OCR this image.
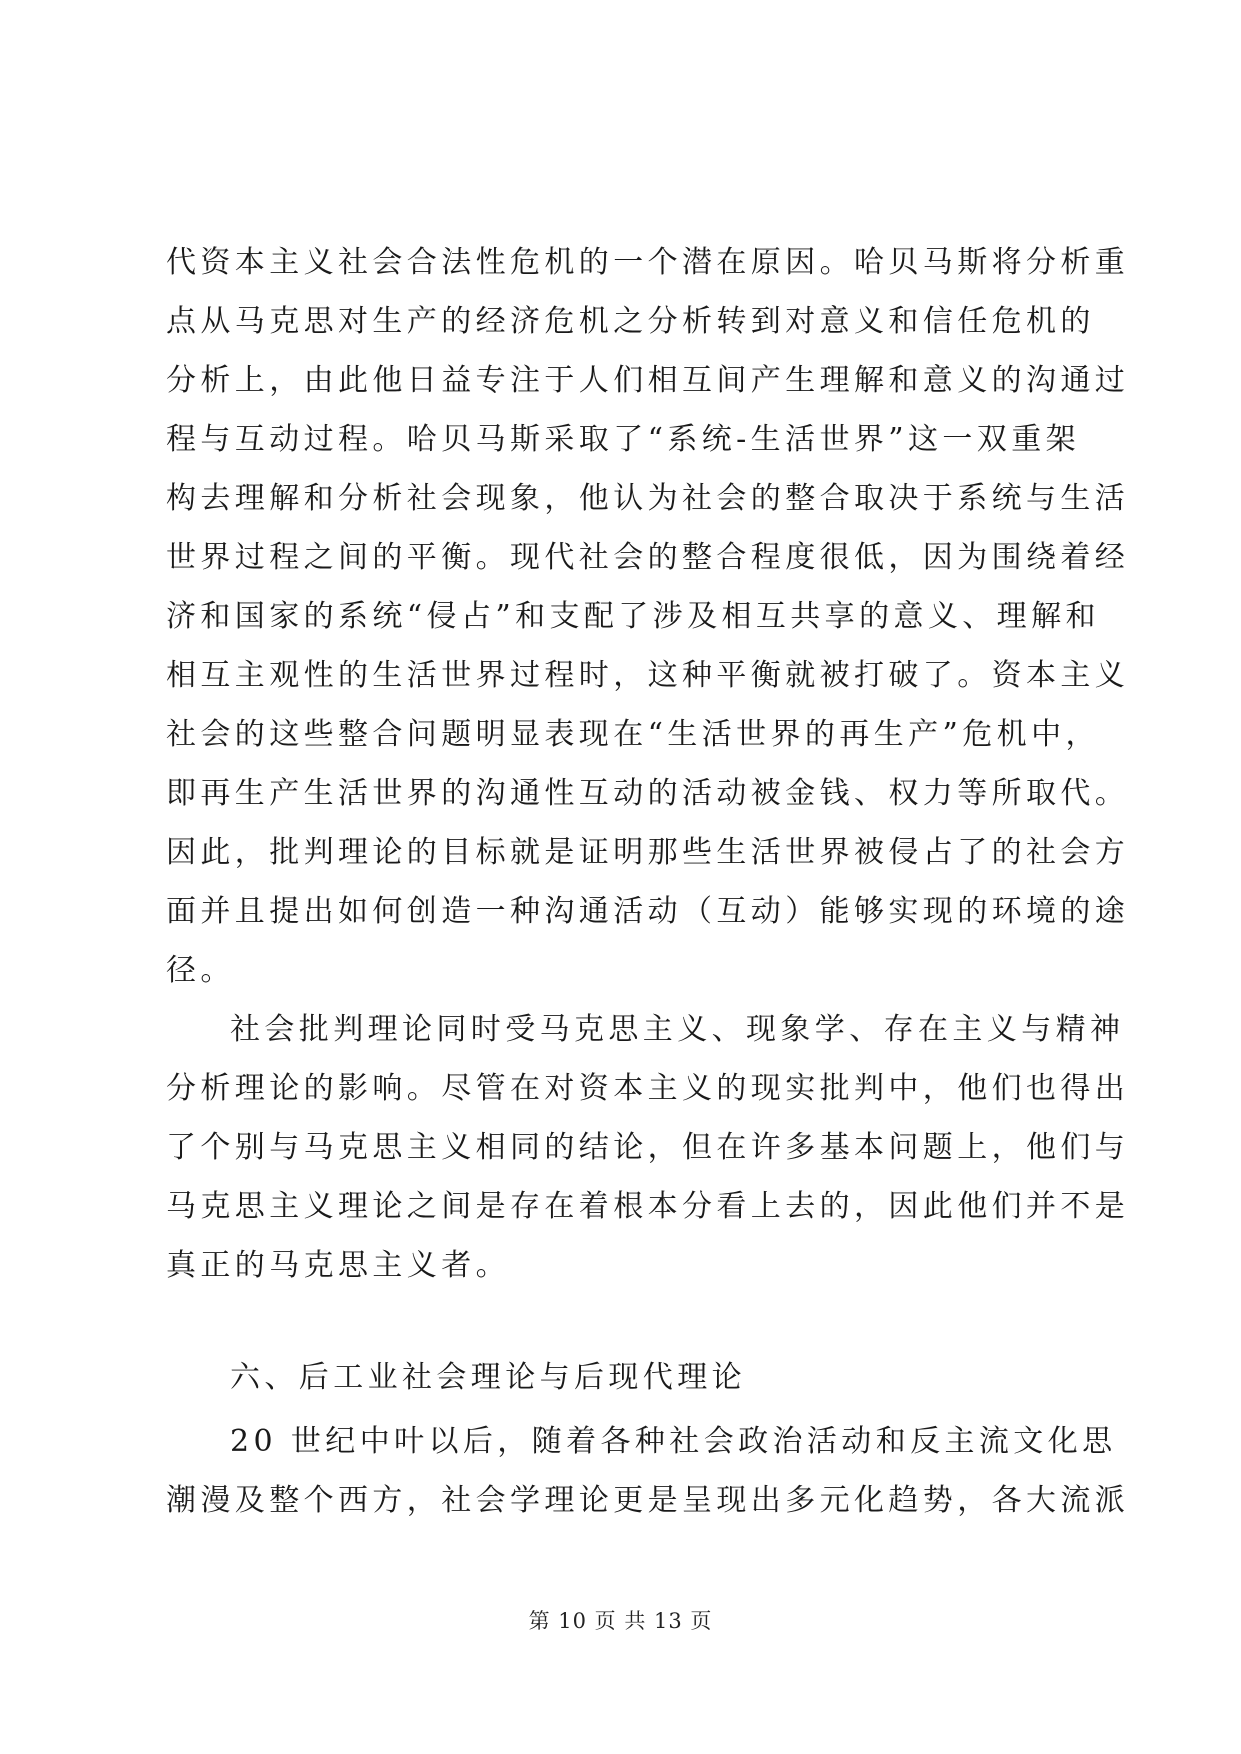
代资本主义社会合法性危机的一个潜在原因。哈贝马斯将分析重
点从马克思对生产的经济危机之分析转到对意义和信任危机的
分析上，由此他日益专注于人们相互间产生理解和意义的沟通过
程与互动过程。哈贝马斯采取了“系统-生活世界”这一双重架
构去理解和分析社会现象，他认为社会的整合取决于系统与生活
世界过程之间的平衡。现代社会的整合程度很低，因为围绕着经
济和国家的系统“侵占”和支配了涉及相互共享的意义、理解和
相互主观性的生活世界过程时，这种平衡就被打破了。资本主义
社会的这些整合问题明显表现在“生活世界的再生产”危机中，
即再生产生活世界的沟通性互动的活动被金钱、权力等所取代。
因此，批判理论的目标就是证明那些生活世界被侵占了的社会方
面并且提出如何创造一种沟通活动（互动）能够实现的环境的途
径。
社会批判理论同时受马克思主义、现象学、存在主义与精神
分析理论的影响。尽管在对资本主义的现实批判中，他们也得出
了个别与马克思主义相同的结论，但在许多基本问题上，他们与
马克思主义理论之间是存在着根本分看上去的，因此他们并不是
真正的马克思主义者。
六、后工业社会理论与后现代理论
20 世纪中叶以后，随着各种社会政治活动和反主流文化思
潮漫及整个西方，社会学理论更是呈现出多元化趋势，各大流派
第 10 页 共 13 页
